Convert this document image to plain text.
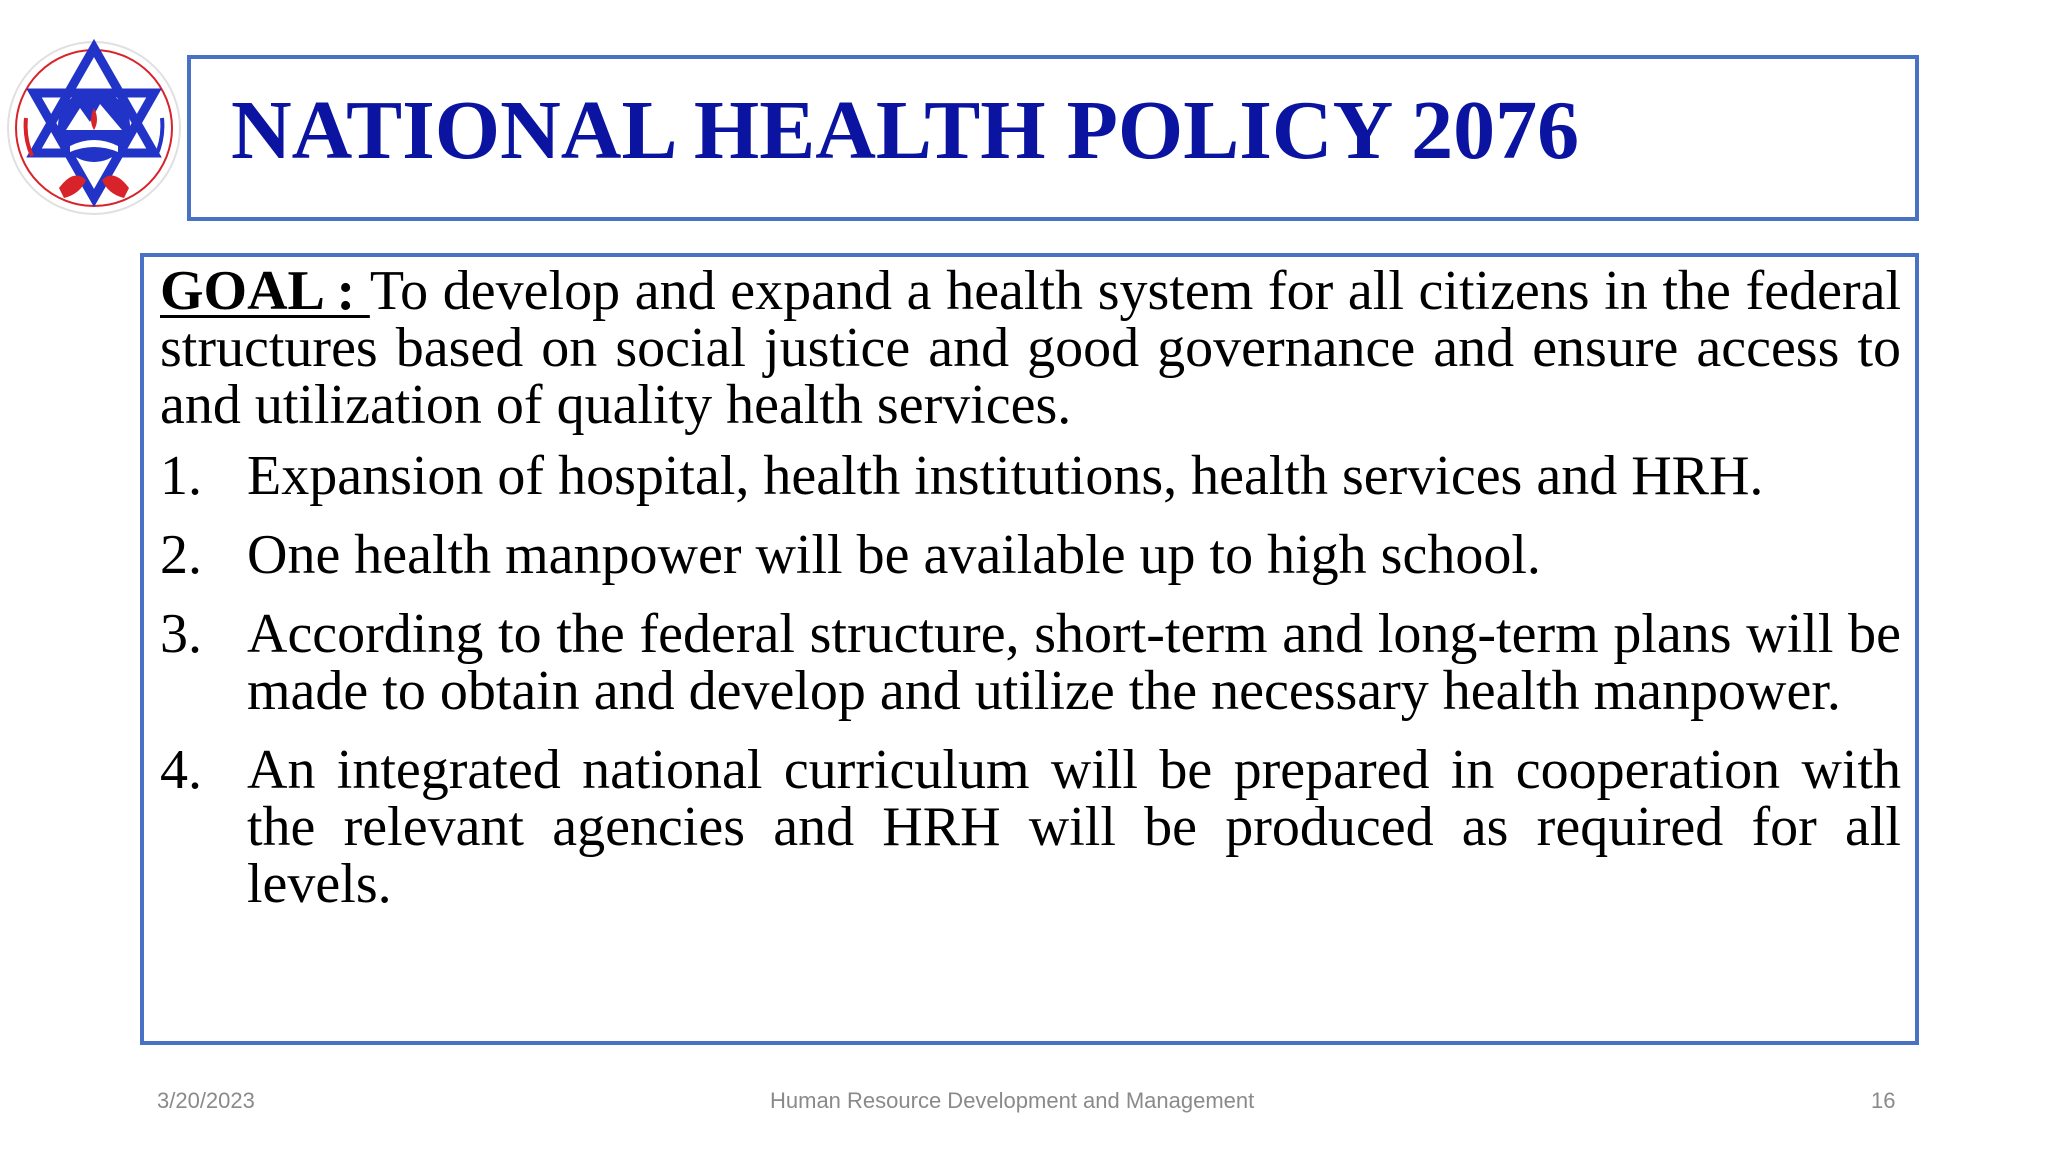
NATIONAL HEALTH POLICY 2076

GOAL : To develop and expand a health system for all citizens in the federal structures based on social justice and good governance and ensure access to and utilization of quality health services.

1. Expansion of hospital, health institutions, health services and HRH.
2. One health manpower will be available up to high school.
3. According to the federal structure, short-term and long-term plans will be made to obtain and develop and utilize the necessary health manpower.
4. An integrated national curriculum will be prepared in cooperation with the relevant agencies and HRH will be produced as required for all levels.
3/20/2023	Human Resource Development and Management	16
